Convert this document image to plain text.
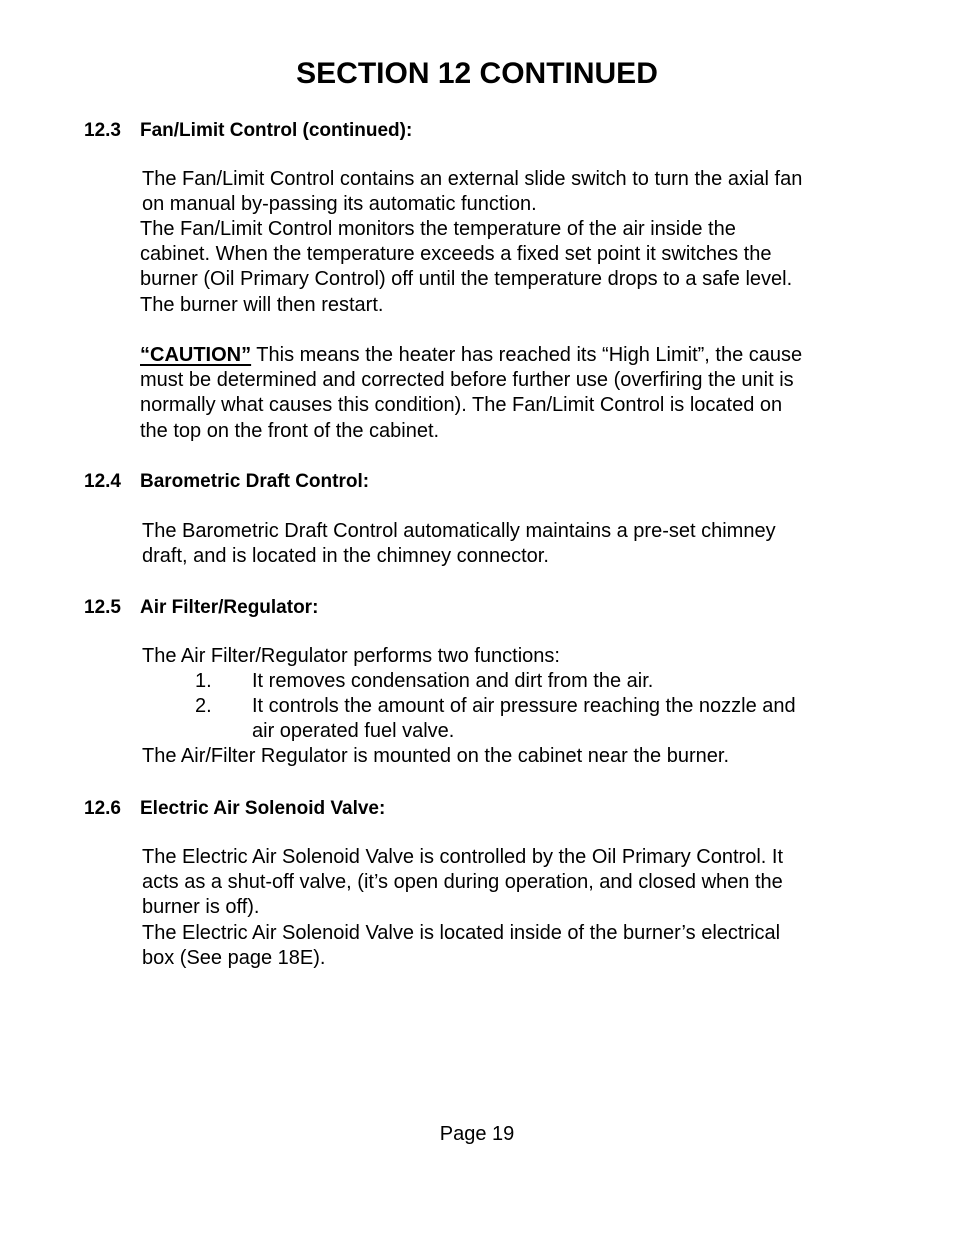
SECTION 12 CONTINUED
12.3 Fan/Limit Control (continued):
The Fan/Limit Control contains an external slide switch to turn the axial fan
on manual by-passing its automatic function.
The Fan/Limit Control monitors the temperature of the air inside the
cabinet. When the temperature exceeds a fixed set point it switches the
burner (Oil Primary Control) off until the temperature drops to a safe level.
The burner will then restart.
“CAUTION” This means the heater has reached its “High Limit”, the cause
must be determined and corrected before further use (overfiring the unit is
normally what causes this condition). The Fan/Limit Control is located on
the top on the front of the cabinet.
12.4 Barometric Draft Control:
The Barometric Draft Control automatically maintains a pre-set chimney
draft, and is located in the chimney connector.
12.5 Air Filter/Regulator:
The Air Filter/Regulator performs two functions:
1. It removes condensation and dirt from the air.
2. It controls the amount of air pressure reaching the nozzle and
air operated fuel valve.
The Air/Filter Regulator is mounted on the cabinet near the burner.
12.6 Electric Air Solenoid Valve:
The Electric Air Solenoid Valve is controlled by the Oil Primary Control. It
acts as a shut-off valve, (it’s open during operation, and closed when the
burner is off).
The Electric Air Solenoid Valve is located inside of the burner’s electrical
box (See page 18E).
Page 19
